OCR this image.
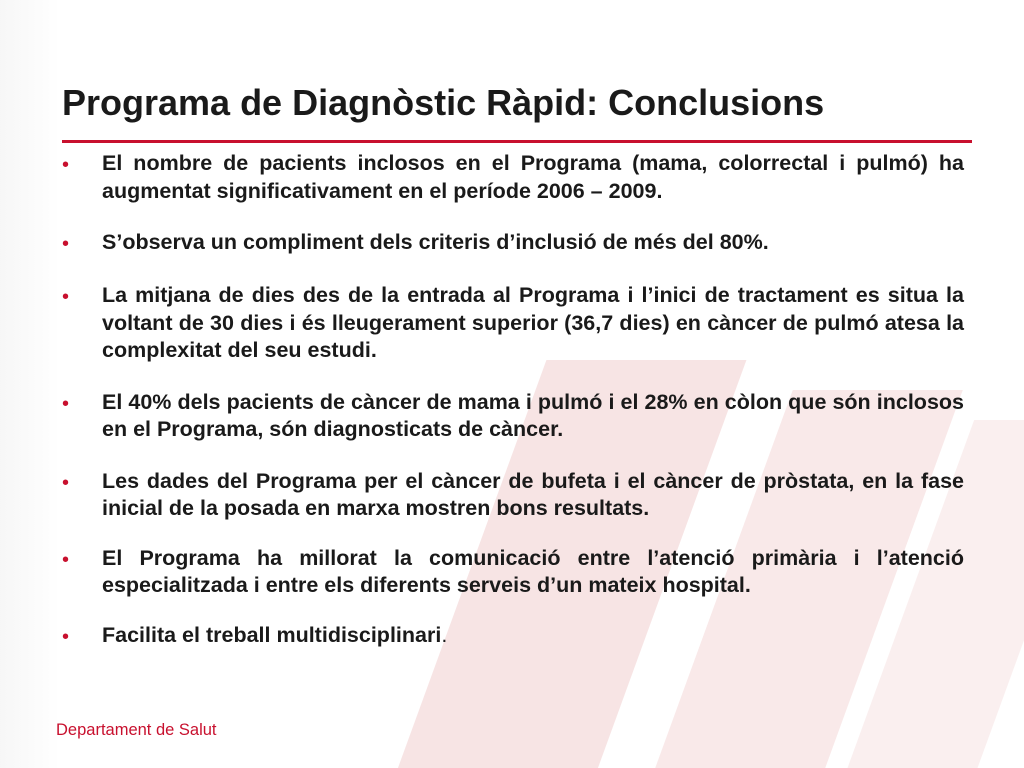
Programa de Diagnòstic Ràpid: Conclusions
•	El nombre de pacients inclosos en el Programa (mama, colorrectal i pulmó) ha augmentat significativament en el període 2006 – 2009.
•	S’observa un compliment dels criteris d’inclusió de més del 80%.
•	La mitjana de dies des de la entrada al Programa i l’inici de tractament es situa la voltant de 30 dies i és lleugerament superior (36,7 dies) en càncer de pulmó atesa la complexitat del seu estudi.
•	El 40% dels pacients de càncer de mama i pulmó i el 28% en còlon que són inclosos en el Programa, són diagnosticats de càncer.
•	Les dades del Programa per el càncer de bufeta i el càncer de pròstata, en la fase inicial de la posada en marxa mostren bons resultats.
•	El Programa ha millorat la comunicació entre l’atenció primària i l’atenció especialitzada i entre els diferents serveis d’un mateix hospital.
•	Facilita el treball multidisciplinari.
Departament de Salut
